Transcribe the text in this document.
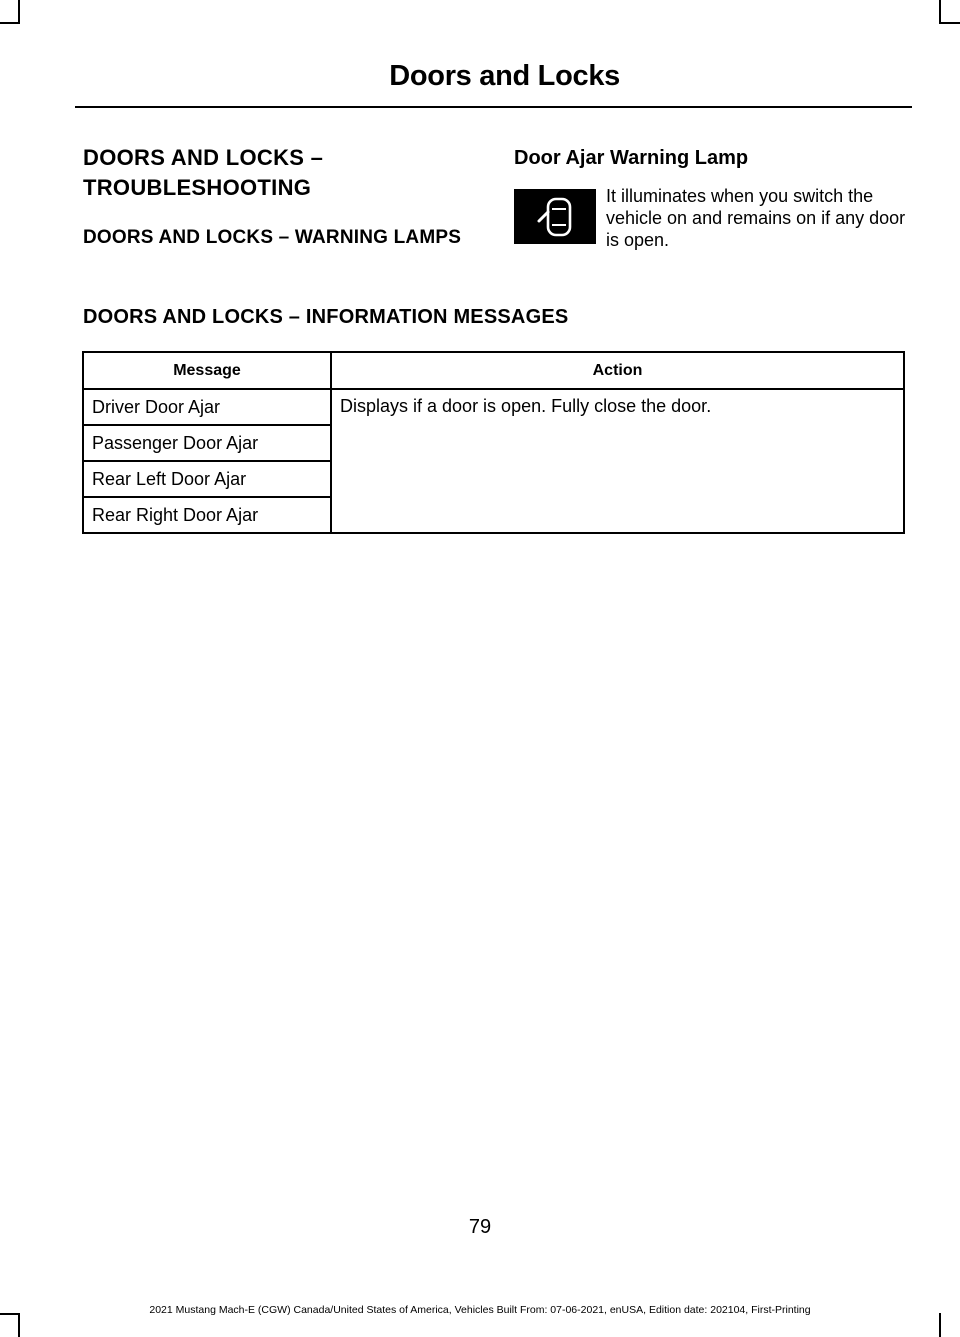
Doors and Locks

DOORS AND LOCKS –

TROUBLESHOOTING

DOORS AND LOCKS – WARNING LAMPS

Door Ajar Warning Lamp

It illuminates when you switch the vehicle on and remains on if any door is open.

DOORS AND LOCKS – INFORMATION MESSAGES

Message	Action
Driver Door Ajar	Displays if a door is open. Fully close the door.
Passenger Door Ajar	
Rear Left Door Ajar	
Rear Right Door Ajar	
79
2021 Mustang Mach-E (CGW) Canada/United States of America, Vehicles Built From: 07-06-2021, enUSA, Edition date: 202104, First-Printing
